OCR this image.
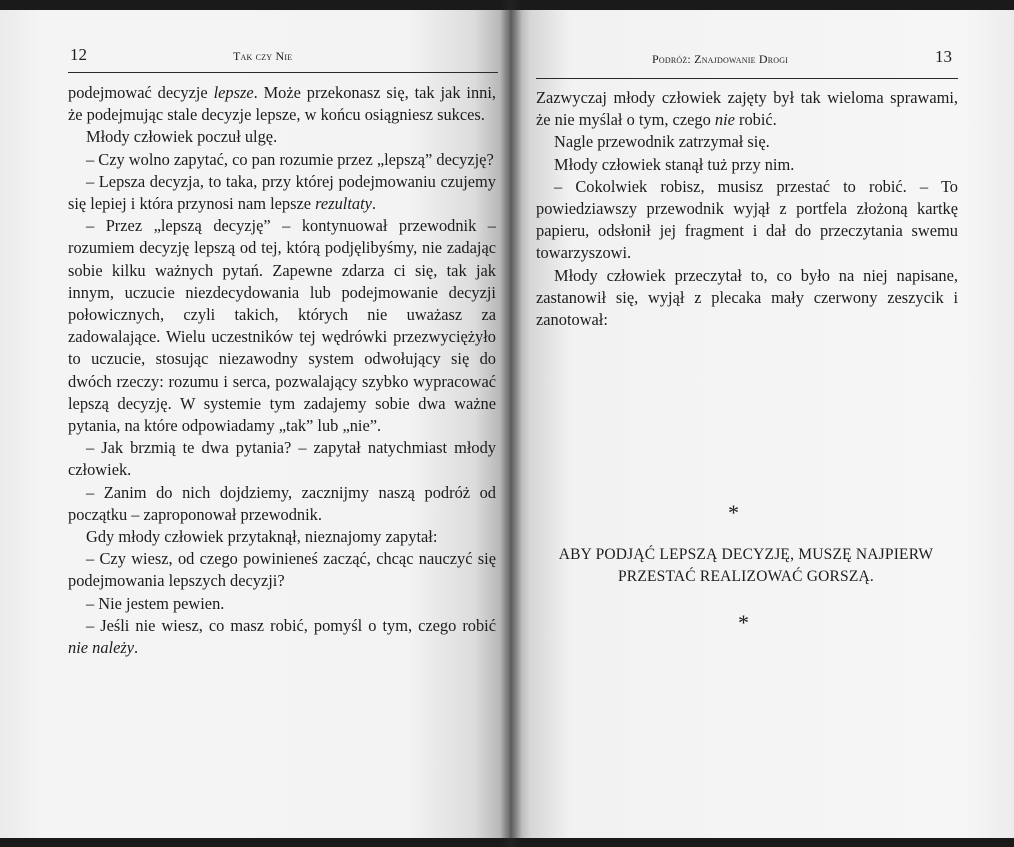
12	Tak czy Nie

podejmować decyzje lepsze. Może przekonasz się, tak jak inni, że podejmując stale decyzje lepsze, w końcu osiągniesz sukces.

Młody człowiek poczuł ulgę.

– Czy wolno zapytać, co pan rozumie przez „lepszą” decyzję?

– Lepsza decyzja, to taka, przy której podejmowaniu czujemy się lepiej i która przynosi nam lepsze rezultaty.

– Przez „lepszą decyzję” – kontynuował przewodnik – rozumiem decyzję lepszą od tej, którą podjęlibyśmy, nie zadając sobie kilku ważnych pytań. Zapewne zdarza ci się, tak jak innym, uczucie niezdecydowania lub podejmowanie decyzji połowicznych, czyli takich, których nie uważasz za zadowalające. Wielu uczestników tej wędrówki przezwyciężyło to uczucie, stosując niezawodny system odwołujący się do dwóch rzeczy: rozumu i serca, pozwalający szybko wypracować lepszą decyzję. W systemie tym zadajemy sobie dwa ważne pytania, na które odpowiadamy „tak” lub „nie”.

– Jak brzmią te dwa pytania? – zapytał natychmiast młody człowiek.

– Zanim do nich dojdziemy, zacznijmy naszą podróż od początku – zaproponował przewodnik.

Gdy młody człowiek przytaknął, nieznajomy zapytał:

– Czy wiesz, od czego powinieneś zacząć, chcąc nauczyć się podejmowania lepszych decyzji?

– Nie jestem pewien.

– Jeśli nie wiesz, co masz robić, pomyśl o tym, czego robić nie należy.

Podróż: Znajdowanie Drogi	13

Zazwyczaj młody człowiek zajęty był tak wieloma sprawami, że nie myślał o tym, czego nie robić.

Nagle przewodnik zatrzymał się.

Młody człowiek stanął tuż przy nim.

– Cokolwiek robisz, musisz przestać to robić. – To powiedziawszy przewodnik wyjął z portfela złożoną kartkę papieru, odsłonił jej fragment i dał do przeczytania swemu towarzyszowi.

Młody człowiek przeczytał to, co było na niej napisane, zastanowił się, wyjął z plecaka mały czerwony zeszycik i zanotował:

*
ABY PODJĄĆ LEPSZĄ DECYZJĘ, MUSZĘ NAJPIERW
PRZESTAĆ REALIZOWAĆ GORSZĄ.
*
